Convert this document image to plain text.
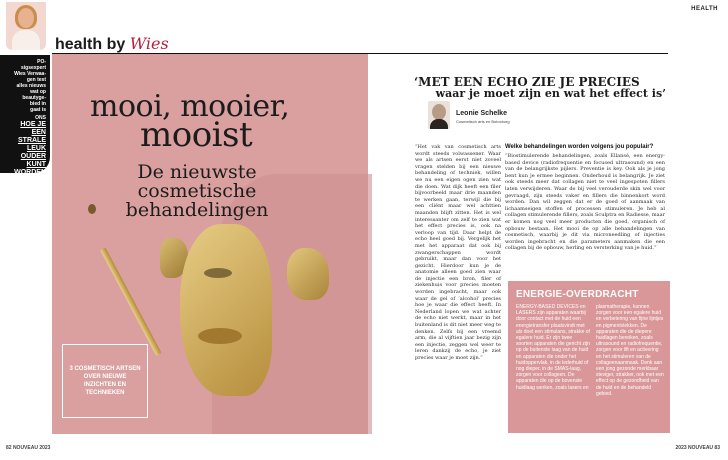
health by Wies
HEALTH

PO-

sigsexpert

Wies Verwaa-

gen test

alles nieuws

wat op

beautyge-

bied in

gaat is

ONS

HOE JE

EEN

STRALE

LEUK

OUDER

KUNT

WORDEN

mooi, mooier,
mooist
De nieuwste cosmetische behandelingen
3 COSMETISCH ARTSEN OVER NIEUWE INZICHTEN EN TECHNIEKEN
‘MET EEN ECHO ZIE JE PRECIES
waar je moet zijn en wat het effect is’
Leonie Schelke
Cosmetisch arts en Botoxborg
“Het vak van cosmetisch arts wordt steeds volwassener. Waar we als artsen eerst niet zoveel vragen stelden bij een nieuwe behandeling of techniek, willen we nu een eigen ogen zien wat die doen. Wat dijk heeft een filer bijvoorbeeld maar drie maanden te werken gaan, terwijl die bij een cliënt maar wel achttien maanden blijft zitten. Het is wel interessanter om zelf te zien wat het effect precies is, ook na verloop van tijd. Daar helpt de echo heel goed bij. Vergelijk het met het apparaat dat ook bij zwangerschappen wordt gebruikt, maar dan voor het gezicht. Hierdoor kun je de anatomie alleen goed zien waar de injectie een bron, filer of ziekenhuis voor precies moeten worden ingebracht, maar ook waar de gel of ‘alcohol’ precies hoe je waar die effect heeft. In Nederland lopen we wat achter de echo niet werkt, maar in het buitenland is dit niet meer weg te denken. Zelfs bij een vreemd arm, die al vijftien jaar bezig zijn een injectie, zeggen wel weer te leren dankzij de echo, je ziet precies waar je moet zijn.”
Welke behandelingen worden volgens jou populair?
“Biostimulerende behandelingen, zoals Ellansé, een energy-based device (radiofrequentie en focused ultrasound) en een van de belangrijkste pijlers. Preventie is key. Ook als je jong bent kun je ermee beginnen. Onderhoud is belangrijk. Je ziet ook steeds meer dat collagen niet te veel ingespoten fillers laten verwijderen. Waar de bij veel verouderde skin wel voor gevraagd, zijn steeds vaker en fillers die binnenkort word worden. Dan wil zeggen dat er de goed of aanmaak van lichaamseigen stoffen of processen stimuleren. Je heb al collagen stimulerende fillers, zoals Sculptra en Radiesse, maar er komen nog veel meer producten die goed, organisch of opbouw bestaan. Het mooi de op alle behandelingen van cosmetisch, waarbij je dit via microneedling of injecties worden ingebracht en die parameters aanmaken die een collagen bij de opbouw, herling en versterking van je huid.”
ENERGIE-OVERDRACHT
ENERGY-BASED DEVICES en LASERS zijn apparaten waarbij door contact met de huid een energietransfer plaatsvindt met als doel een stimulans, strakke of egalere huid. Er zijn twee soorten apparaten die gericht zijn op de buitenste laag van de huid en apparaten die onder het huidoppervlak, in de lederhuid of nog dieper, in de SMAS-laag, zorgen voor collageen. De apparaten die op de bovenste huidlaag werken, zoals lasers en
plasmatherapie, kunnen zorgen voor een egalere huid en verbetering van fijne lijntjes en pigmentvlekken. De apparaten die de diepere huidlagen bereiken, zoals ultrasound en radiofrequentie, zorgen voor lift en activering en het stimuleren van de collageenaanmaak. Denk aan een jong gezonde merkbaar steviger, strakker, ook met een effect op de gezondheid van de huid en de behandeld gebied.
82 NOUVEAU 2023	2023 NOUVEAU 83
